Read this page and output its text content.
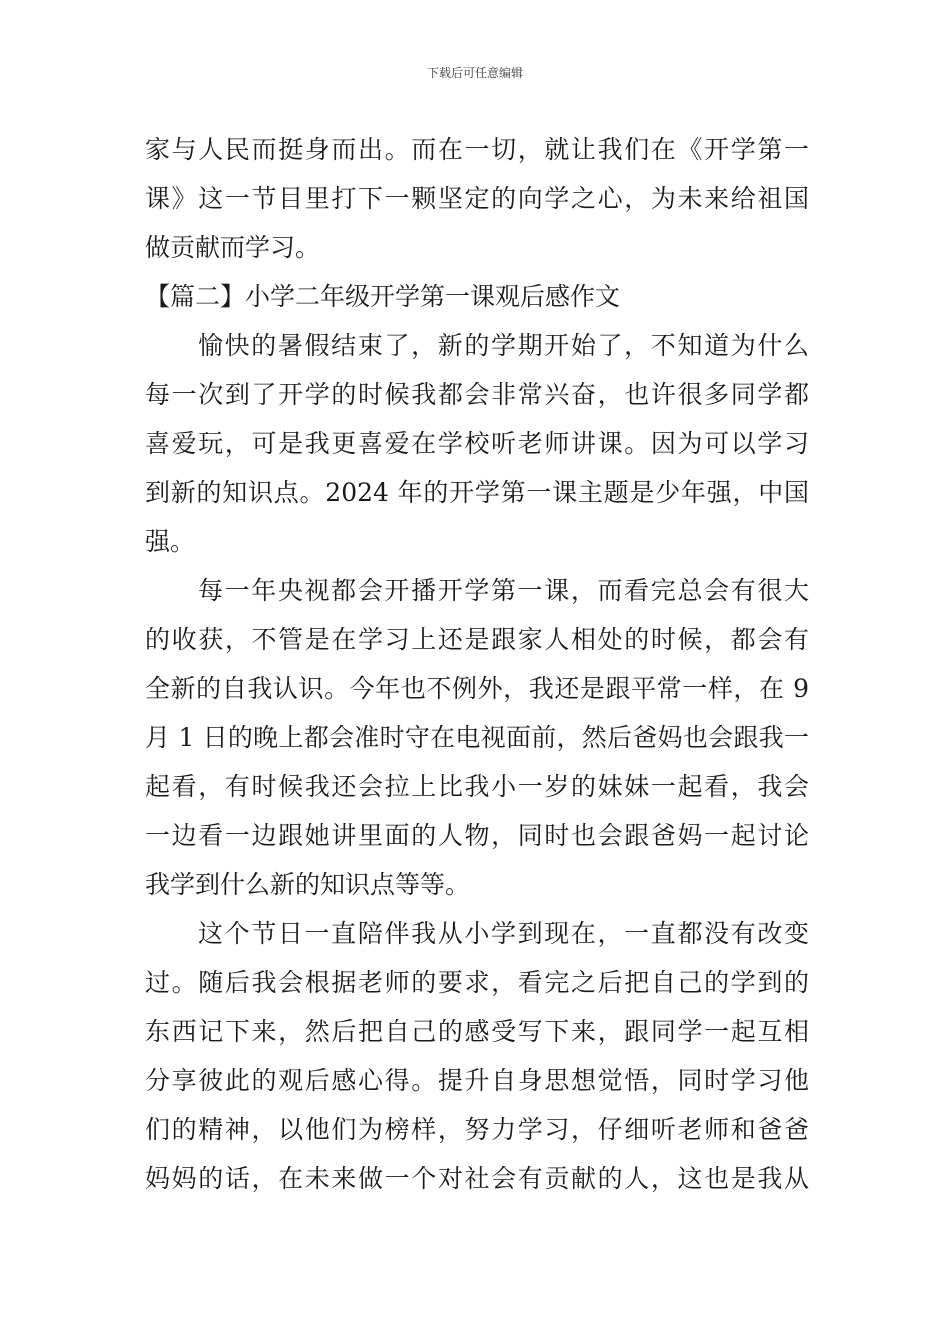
下载后可任意编辑
家与人民而挺身而出。而在一切，就让我们在《开学第一
课》这一节目里打下一颗坚定的向学之心，为未来给祖国
做贡献而学习。
【篇二】小学二年级开学第一课观后感作文
愉快的暑假结束了，新的学期开始了，不知道为什么
每一次到了开学的时候我都会非常兴奋，也许很多同学都
喜爱玩，可是我更喜爱在学校听老师讲课。因为可以学习
到新的知识点。2024 年的开学第一课主题是少年强，中国
强。
每一年央视都会开播开学第一课，而看完总会有很大
的收获，不管是在学习上还是跟家人相处的时候，都会有
全新的自我认识。今年也不例外，我还是跟平常一样，在 9
月 1 日的晚上都会准时守在电视面前，然后爸妈也会跟我一
起看，有时候我还会拉上比我小一岁的妹妹一起看，我会
一边看一边跟她讲里面的人物，同时也会跟爸妈一起讨论
我学到什么新的知识点等等。
这个节日一直陪伴我从小学到现在，一直都没有改变
过。随后我会根据老师的要求，看完之后把自己的学到的
东西记下来，然后把自己的感受写下来，跟同学一起互相
分享彼此的观后感心得。提升自身思想觉悟，同时学习他
们的精神，以他们为榜样，努力学习，仔细听老师和爸爸
妈妈的话，在未来做一个对社会有贡献的人，这也是我从
